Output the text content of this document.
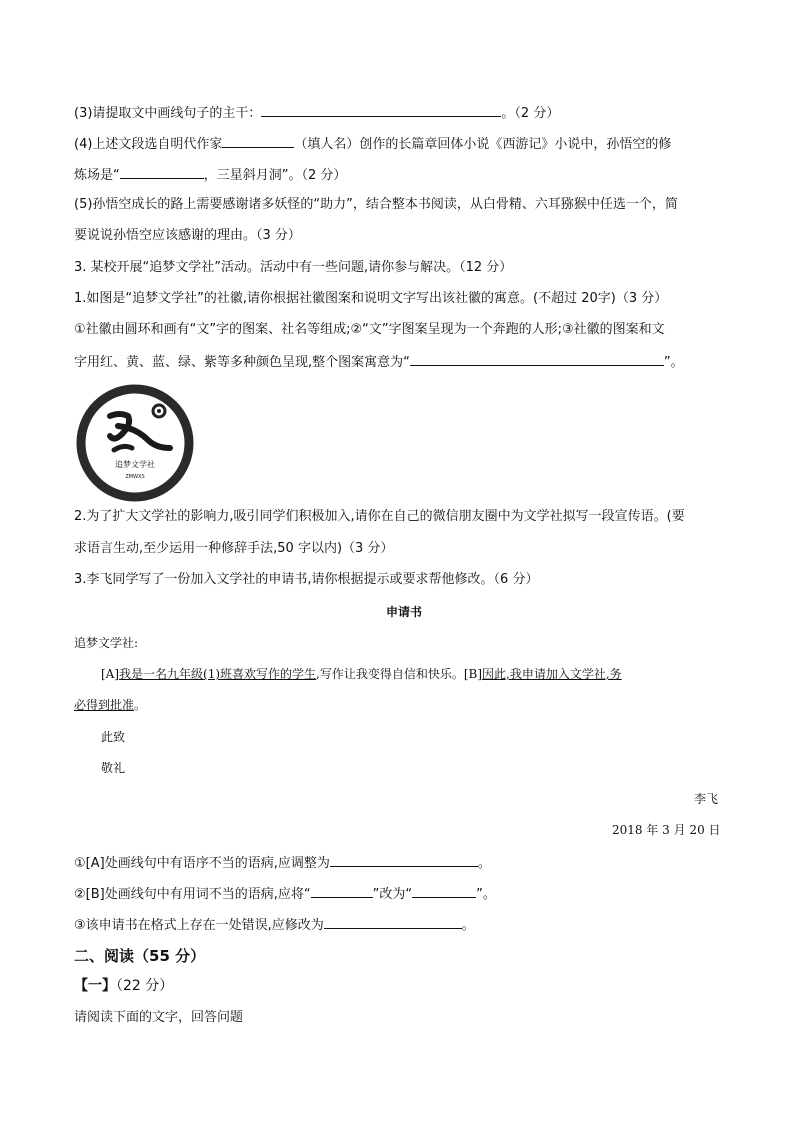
(3)请提取文中画线句子的主干：	。（2 分）
(4)上述文段选自明代作家	（填人名）创作的长篇章回体小说《西游记》小说中，孙悟空的修
炼场是“	，三星斜月洞”。（2 分）
(5)孙悟空成长的路上需要感谢诸多妖怪的“助力”，结合整本书阅读，从白骨精、六耳猕猴中任选一个，简
要说说孙悟空应该感谢的理由。（3 分）
3. 某校开展“追梦文学社”活动。活动中有一些问题,请你参与解决。（12 分）
1.如图是“追梦文学社”的社徽,请你根据社徽图案和说明文字写出该社徽的寓意。(不超过 20字)（3 分）
①社徽由圆环和画有“文”字的图案、社名等组成;②“文”字图案呈现为一个奔跑的人形;③社徽的图案和文
字用红、黄、蓝、绿、紫等多种颜色呈现,整个图案寓意为“	”。
追梦文学社
ZMWXS
2.为了扩大文学社的影响力,吸引同学们积极加入,请你在自己的微信朋友圈中为文学社拟写一段宣传语。(要
求语言生动,至少运用一种修辞手法,50 字以内)（3 分）
3.李飞同学写了一份加入文学社的申请书,请你根据提示或要求帮他修改。（6 分）
申请书
追梦文学社:
[A]我是一名九年级(1)班喜欢写作的学生,写作让我变得自信和快乐。[B]因此,我申请加入文学社,务
必得到批准。
此致
敬礼
李飞
2018 年 3 月 20 日
①[A]处画线句中有语序不当的语病,应调整为	。
②[B]处画线句中有用词不当的语病,应将“	”改为“	”。
③该申请书在格式上存在一处错误,应修改为	。
二、阅读（55 分）
【一】（22 分）
请阅读下面的文字，回答问题
